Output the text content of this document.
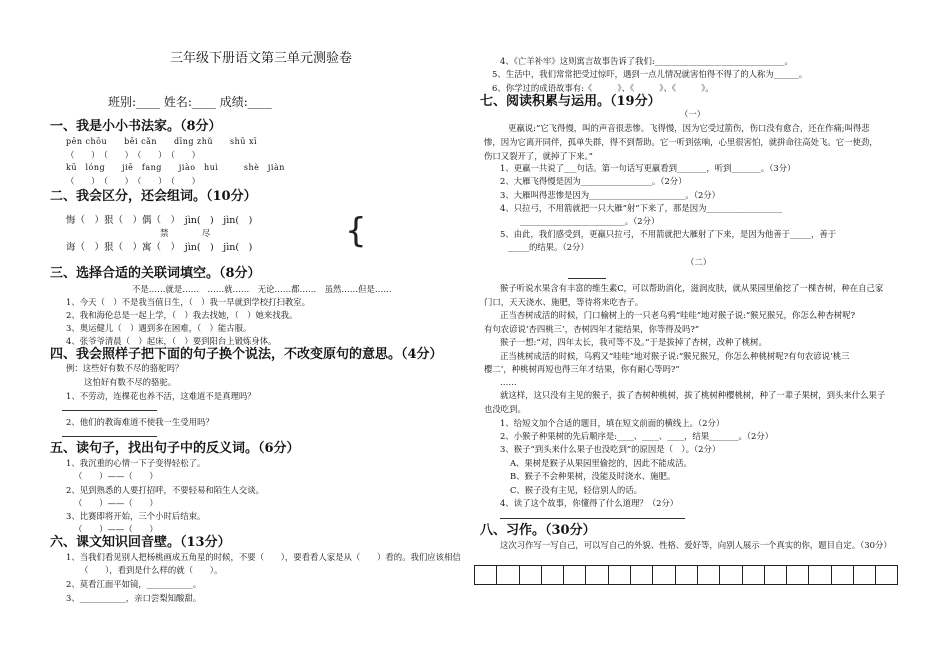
三年级下册语文第三单元测验卷
班别:____ 姓名:____ 成绩:____
一、我是小小书法家。（8分）
pēn chōu　　bēi cǎn　　dīng zhǔ　　shū xī
（　　）　（　　）　（　　）　（　　）
kū　lóng　　jiē　fang　　jiào　huì　　　shè　jiàn
（　　）　（　　）　（　　）　（　　）
二、我会区分，还会组词。（10分）
悔（　）狠（　）偶（　）　jìn(　)　jìn(　)
禁　　　　尽
诲（　）狠（　）寓（　）　jìn(　)　jìn(　)	{
三、选择合适的关联词填空。（8分）
不是……就是……　……就……　无论……都……　虽然……但是……
1、今天（　）不是我当值日生，（　）我一早就到学校打扫教室。
2、我和海伦总是一起上学，（　）我去找她，（　）她来找我。
3、奥运健儿（　）遇到多在困难，（　）能古服。
4、张爷爷清晨（　）起床，（　）要到阳台上锻炼身体。
四、我会照样子把下面的句子换个说法，不改变原句的意思。（4分）
例：这些好有数不尽的骆驼吗？
这怕好有数不尽的骆驼。
1、不劳动，连棵花也养不活，这难道不是真理吗？
2、他们的教诲难道不使我一生受用吗？
五、读句子，找出句子中的反义词。（6分）
1、我沉重的心情一下子变得轻松了。
（　　）——（　　）
2、见到熟悉的人要打招呼，不要轻易和陌生人交谈。
（　　）——（　　）
3、比赛即将开始，三个小时后结束。
（　　）——（　　）
六、课文知识回音壁。（13分）
1、当我们看见别人把杨桃画成五角星的时候，不要（　　），要看看人家是从（　　）看的。我们应该相信
（　　），看到是什么样的就（　　）。
2、莫看江面平如镜，___________。
3、___________，亲口尝梨知酸甜。
4、《亡羊补牢》这则寓言故事告诉了我们:_______________________________。
5、生活中，我们常常把受过惊吓，遇到一点儿情况就害怕得不得了的人称为______。
6、你学过的成语故事有:《　　　》、《　　　》、《　　　》。
七、阅读积累与运用。（19分）
（一）
更羸说:“它飞得慢，叫的声音很悲惨。飞得慢，因为它受过箭伤，伤口没有愈合，还在作痛;叫得悲
惨，因为它离开同伴，孤单失群，得不到帮助。它一听到弦响，心里很害怕，就拼命往高处飞。它一使劲，
伤口又裂开了，就掉了下来。”
1、更羸一共说了___句话。第一句话写更羸看到_______，听到_______。（3分）
2、大雁飞得慢是因为_________________。（2分）
3、大雁叫得悲惨是因为_______________________。（2分）
4、只拉弓，不用箭就把一只大雁“射”下来了，那是因为__________________
_________________________。（2分）
5、由此，我们感受到，更羸只拉弓，不用箭就把大雁射了下来，是因为他善于_____，善于
_____的结果。（2分）
（二）
猴子听说水果含有丰富的维生素C，可以帮助消化，滋润皮肤，就从果园里偷挖了一棵杏树，种在自己家
门口，天天浇水、施肥，等待将来吃杏子。
正当杏树成活的时候，门口榆树上的一只老乌鸦“哇哇”地对猴子说:“猴兄猴兄，你怎么种杏树呢?
有句农谚说‘杏四桃三’，杏树四年才能结果，你等得及吗?”
猴子一想:“对，四年太长，我可等不及。”于是拔掉了杏树，改种了桃树。
正当桃树成活的时候，乌鸦又“哇哇”地对猴子说:“猴兄猴兄，你怎么种桃树呢?有句农谚说‘桃三
樱二’，种桃树再短也得三年才结果，你有耐心等吗?”
……
就这样，这只没有主见的猴子，拔了杏树种桃树，拔了桃树种樱桃树，种了一辈子果树，到头来什么果子
也没吃到。
1、给短文加个合适的题目，填在短文前面的横线上。（2分）
2、小猴子种果树的先后顺序是:____、____、____，结果_______。（2分）
3、猴子“到头来什么果子也没吃到”的原因是（　）。（2分）
A、果树是猴子从果园里偷挖的，因此不能成活。
B、猴子不会种果树，没能及时浇水、施肥。
C、猴子没有主见，轻信别人的话。
4、读了这个故事，你懂得了什么道理？（2分）
八、习作。（30分）
这次习作写一写自己，可以写自己的外貌、性格、爱好等，向别人展示一个真实的你，题目自定。（30分）
